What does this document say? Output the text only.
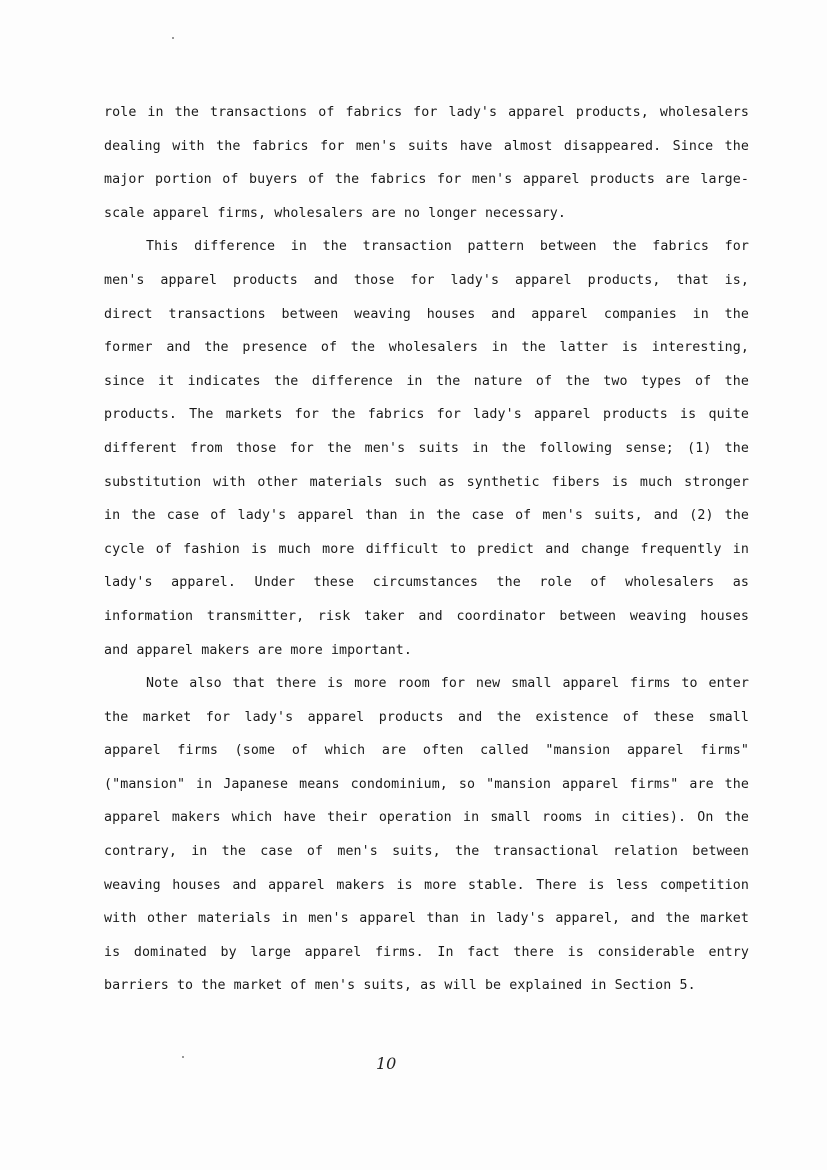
role in the transactions of fabrics for lady's apparel products, wholesalers
dealing with the fabrics for men's suits have almost disappeared. Since the
major portion of buyers of the fabrics for men's apparel products are large-
scale apparel firms, wholesalers are no longer necessary.
This difference in the transaction pattern between the fabrics for
men's apparel products and those for lady's apparel products, that is,
direct transactions between weaving houses and apparel companies in the
former and the presence of the wholesalers in the latter is interesting,
since it indicates the difference in the nature of the two types of the
products. The markets for the fabrics for lady's apparel products is quite
different from those for the men's suits in the following sense; (1) the
substitution with other materials such as synthetic fibers is much stronger
in the case of lady's apparel than in the case of men's suits, and (2) the
cycle of fashion is much more difficult to predict and change frequently in
lady's apparel. Under these circumstances the role of wholesalers as
information transmitter, risk taker and coordinator between weaving houses
and apparel makers are more important.
Note also that there is more room for new small apparel firms to enter
the market for lady's apparel products and the existence of these small
apparel firms (some of which are often called "mansion apparel firms"
("mansion" in Japanese means condominium, so "mansion apparel firms" are the
apparel makers which have their operation in small rooms in cities). On the
contrary, in the case of men's suits, the transactional relation between
weaving houses and apparel makers is more stable. There is less competition
with other materials in men's apparel than in lady's apparel, and the market
is dominated by large apparel firms. In fact there is considerable entry
barriers to the market of men's suits, as will be explained in Section 5.
10
